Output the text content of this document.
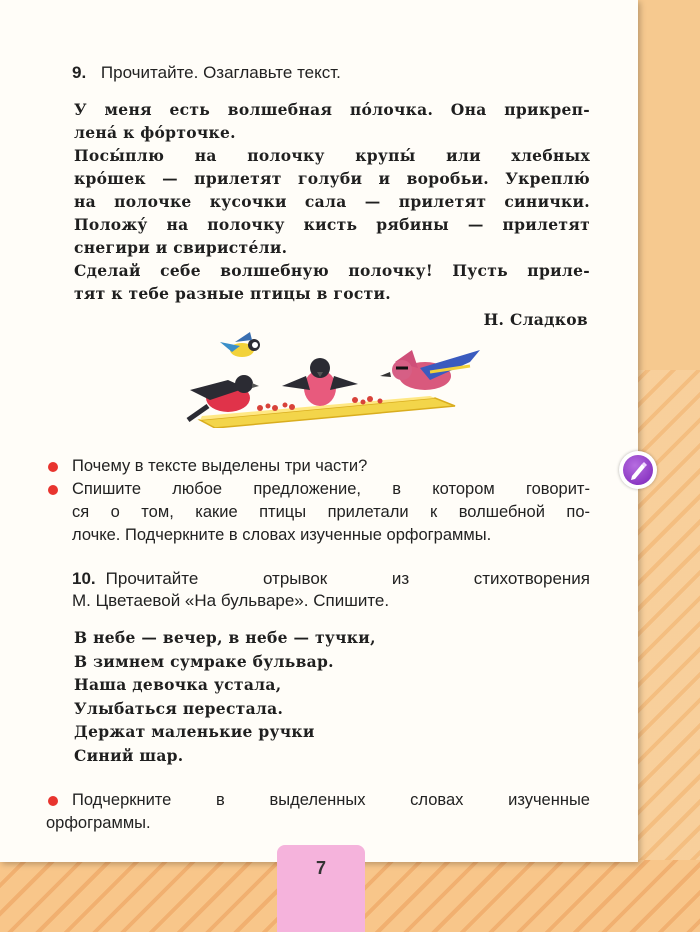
9. Прочитайте. Озаглавьте текст.
У меня есть волшебная по́лочка. Она прикреп-
лена́ к фо́рточке.
Посы́плю на полочку крупы́ или хлебных
кро́шек — прилетят голуби и воробьи. Укреплю́
на полочке кусочки сала — прилетят синички.
Положу́ на полочку кисть рябины — прилетят
снегири и свиристе́ли.
Сделай себе волшебную полочку! Пусть приле-
тят к тебе разные птицы в гости.
Н. Сладков
Почему в тексте выделены три части?
Спишите любое предложение, в котором говорит-
ся о том, какие птицы прилетали к волшебной по-
лочке. Подчеркните в словах изученные орфограммы.
10. Прочитайте отрывок из стихотворения
М. Цветаевой «На бульваре». Спишите.
В небе — вечер, в небе — тучки,
В зимнем сумраке бульвар.
Наша девочка устала,
Улыбаться перестала.
Держат маленькие ручки
Синий шар.
Подчеркните в выделенных словах изученные
орфограммы.
7
